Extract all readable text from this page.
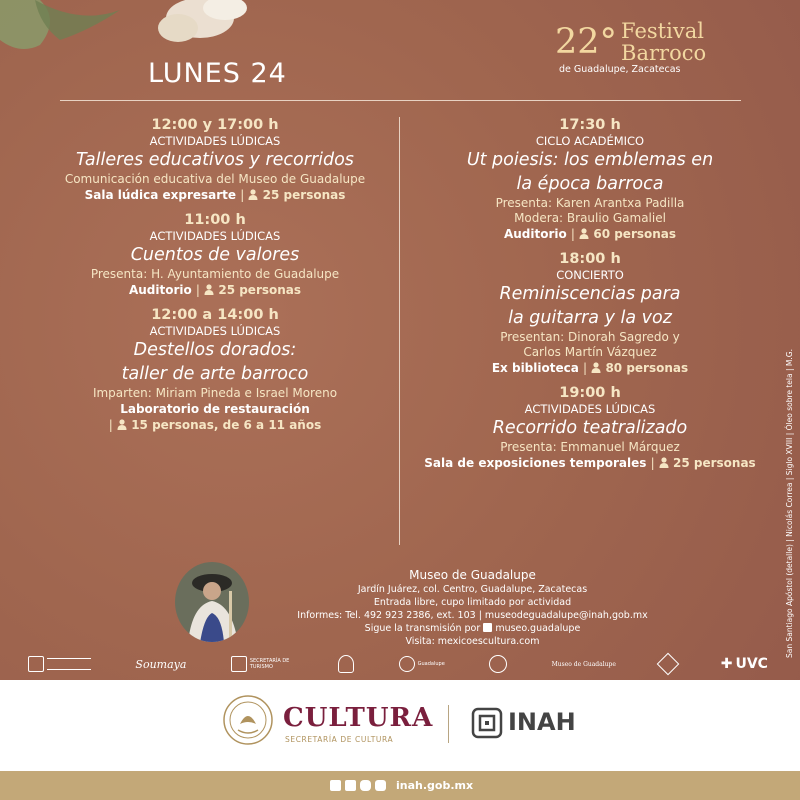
LUNES 24
22° Festival
Barroco
de Guadalupe, Zacatecas
12:00 y 17:00 h
ACTIVIDADES LÚDICAS
Talleres educativos y recorridos
Comunicación educativa del Museo de Guadalupe
Sala lúdica expresarte | 25 personas
11:00 h
ACTIVIDADES LÚDICAS
Cuentos de valores
Presenta: H. Ayuntamiento de Guadalupe
Auditorio | 25 personas
12:00 a 14:00 h
ACTIVIDADES LÚDICAS
Destellos dorados:
taller de arte barroco
Imparten: Miriam Pineda e Israel Moreno
Laboratorio de restauración
| 15 personas, de 6 a 11 años
17:30 h
CICLO ACADÉMICO
Ut poiesis: los emblemas en
la época barroca
Presenta: Karen Arantxa Padilla
Modera: Braulio Gamaliel
Auditorio | 60 personas
18:00 h
CONCIERTO
Reminiscencias para
la guitarra y la voz
Presentan: Dinorah Sagredo y
Carlos Martín Vázquez
Ex biblioteca | 80 personas
19:00 h
ACTIVIDADES LÚDICAS
Recorrido teatralizado
Presenta: Emmanuel Márquez
Sala de exposiciones temporales | 25 personas
Museo de Guadalupe
Jardín Juárez, col. Centro, Guadalupe, Zacatecas
Entrada libre, cupo limitado por actividad
Informes: Tel. 492 923 2386, ext. 103 | museodeguadalupe@inah,gob.mx
Sigue la transmisión por museo.guadalupe
Visita: mexicoescultura.com	San Santiago Apóstol (detalle) | Nicolás Correa | Siglo XVIII | Óleo sobre tela | M.G.
Soumaya	SECRETARÍA DE TURISMO	Guadalupe	Museo de Guadalupe	✚ UVC
CULTURA
SECRETARÍA DE CULTURA
INAH
inah.gob.mx
